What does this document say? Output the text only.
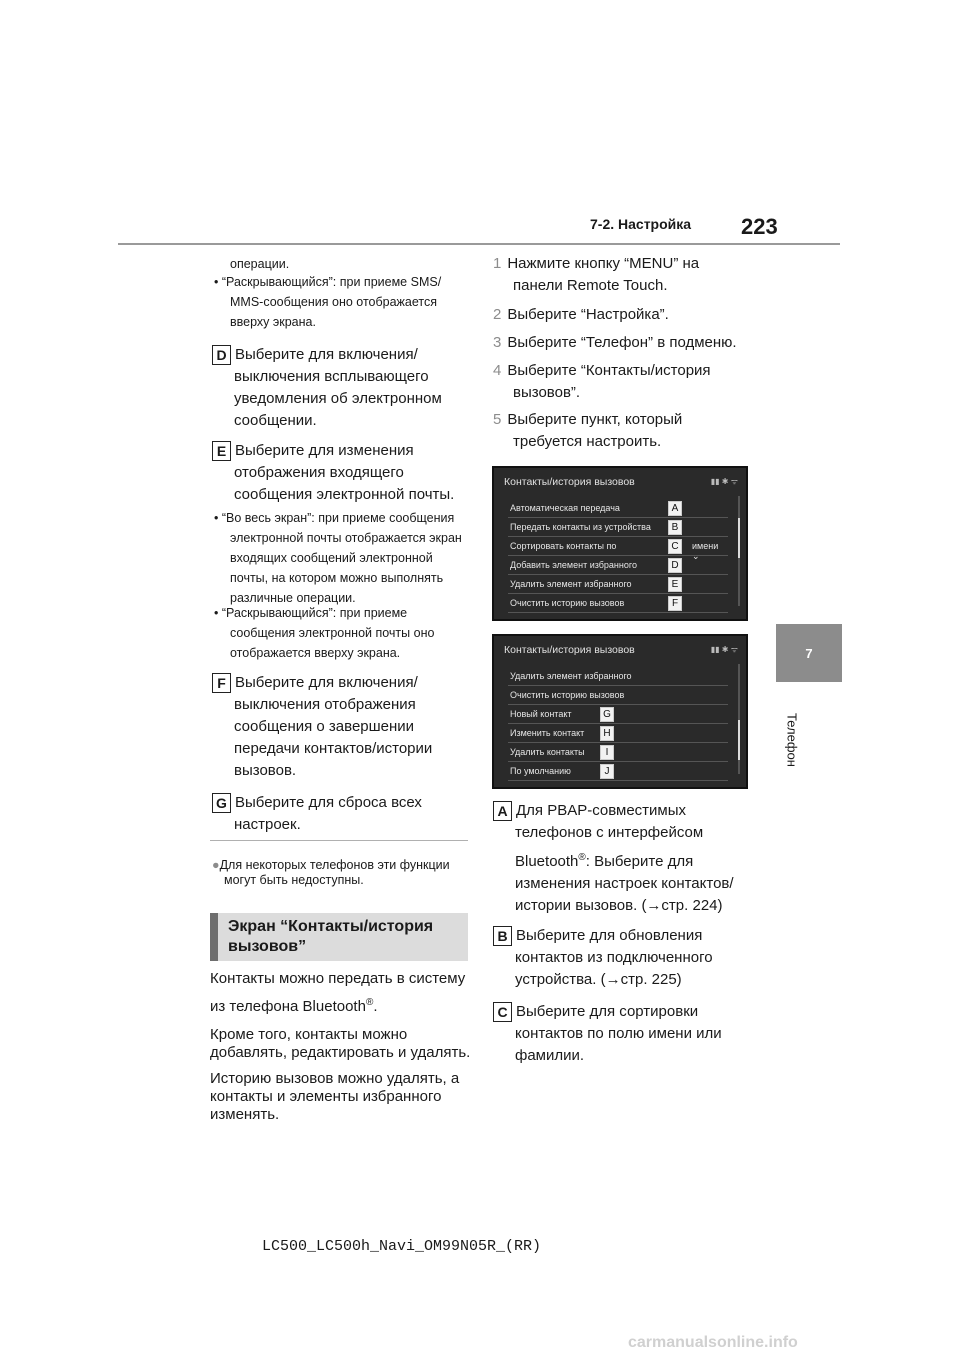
7-2. Настройка 223
7
Телефон
операции.
• “Раскрывающийся”: при приеме SMS/
MMS-сообщения оно отображается
вверху экрана.
D Выберите для включения/
выключения всплывающего
уведомления об электронном
сообщении.
E Выберите для изменения
отображения входящего
сообщения электронной почты.
• “Во весь экран”: при приеме сообщения
электронной почты отображается экран
входящих сообщений электронной
почты, на котором можно выполнять
различные операции.
• “Раскрывающийся”: при приеме
сообщения электронной почты оно
отображается вверху экрана.
F Выберите для включения/
выключения отображения
сообщения о завершении
передачи контактов/истории
вызовов.
G Выберите для сброса всех
настроек.
●Для некоторых телефонов эти функции
могут быть недоступны.
Экран “Контакты/история
вызовов”
Контакты можно передать в систему
из телефона Bluetooth®.
Кроме того, контакты можно
добавлять, редактировать и удалять.
Историю вызовов можно удалять, а
контакты и элементы избранного
изменять.
1 Нажмите кнопку “MENU” на
панели Remote Touch.
2 Выберите “Настройка”.
3 Выберите “Телефон” в подменю.
4 Выберите “Контакты/история
вызовов”.
5 Выберите пункт, который
требуется настроить.
Контакты/история вызовов	▮▮ ✱ ᯤ
Автоматическая передача	A
Передать контакты из устройства	B
Сортировать контакты по	C	имени ⌄
Добавить элемент избранного	D
Удалить элемент избранного	E
Очистить историю вызовов	F
Контакты/история вызовов	▮▮ ✱ ᯤ
Удалить элемент избранного
Очистить историю вызовов
Новый контакт	G
Изменить контакт	H
Удалить контакты	I
По умолчанию	J
A Для PBAP-совместимых
телефонов с интерфейсом
Bluetooth®: Выберите для
изменения настроек контактов/
истории вызовов. (→стр. 224)
B Выберите для обновления
контактов из подключенного
устройства. (→стр. 225)
C Выберите для сортировки
контактов по полю имени или
фамилии.
LC500_LC500h_Navi_OM99N05R_(RR)
carmanualsonline.info
